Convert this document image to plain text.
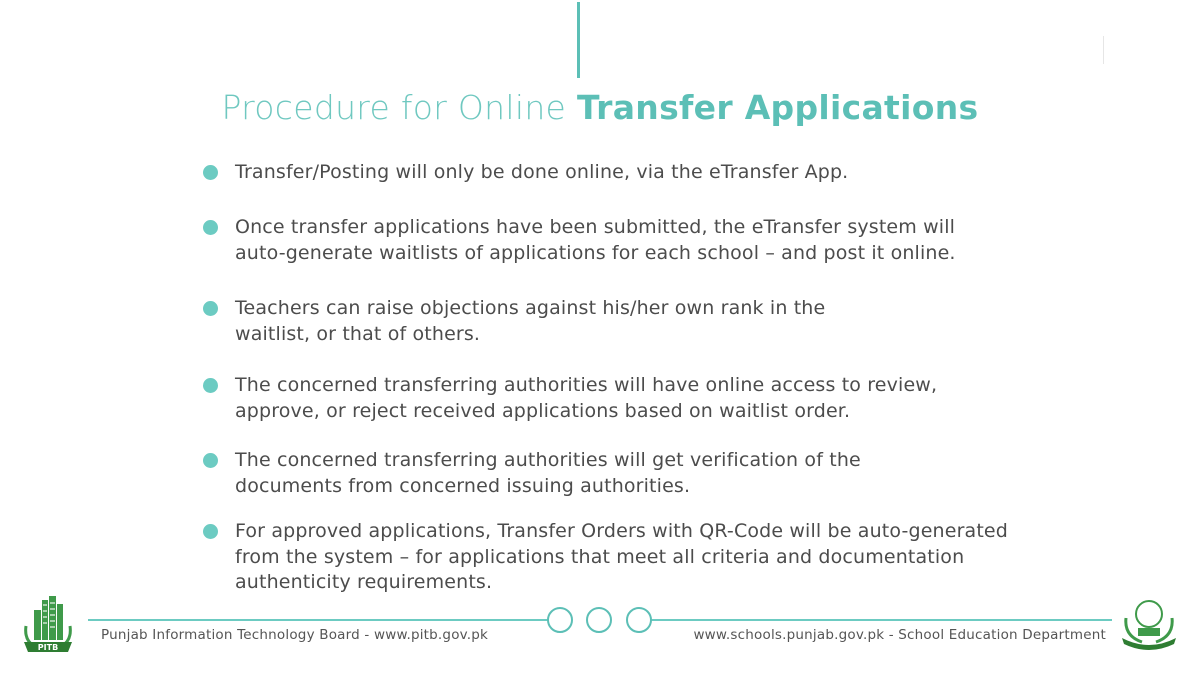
Procedure for Online Transfer Applications
Transfer/Posting will only be done online, via the eTransfer App.
Once transfer applications have been submitted, the eTransfer system will
auto-generate waitlists of applications for each school – and post it online.
Teachers can raise objections against his/her own rank in the
waitlist, or that of others.
The concerned transferring authorities will have online access to review,
approve, or reject received applications based on waitlist order.
The concerned transferring authorities will get verification of the
documents from concerned issuing authorities.
For approved applications, Transfer Orders with QR-Code will be auto-generated
from the system – for applications that meet all criteria and documentation
authenticity requirements.
Punjab Information Technology Board - www.pitb.gov.pk	www.schools.punjab.gov.pk - School Education Department
PITB
